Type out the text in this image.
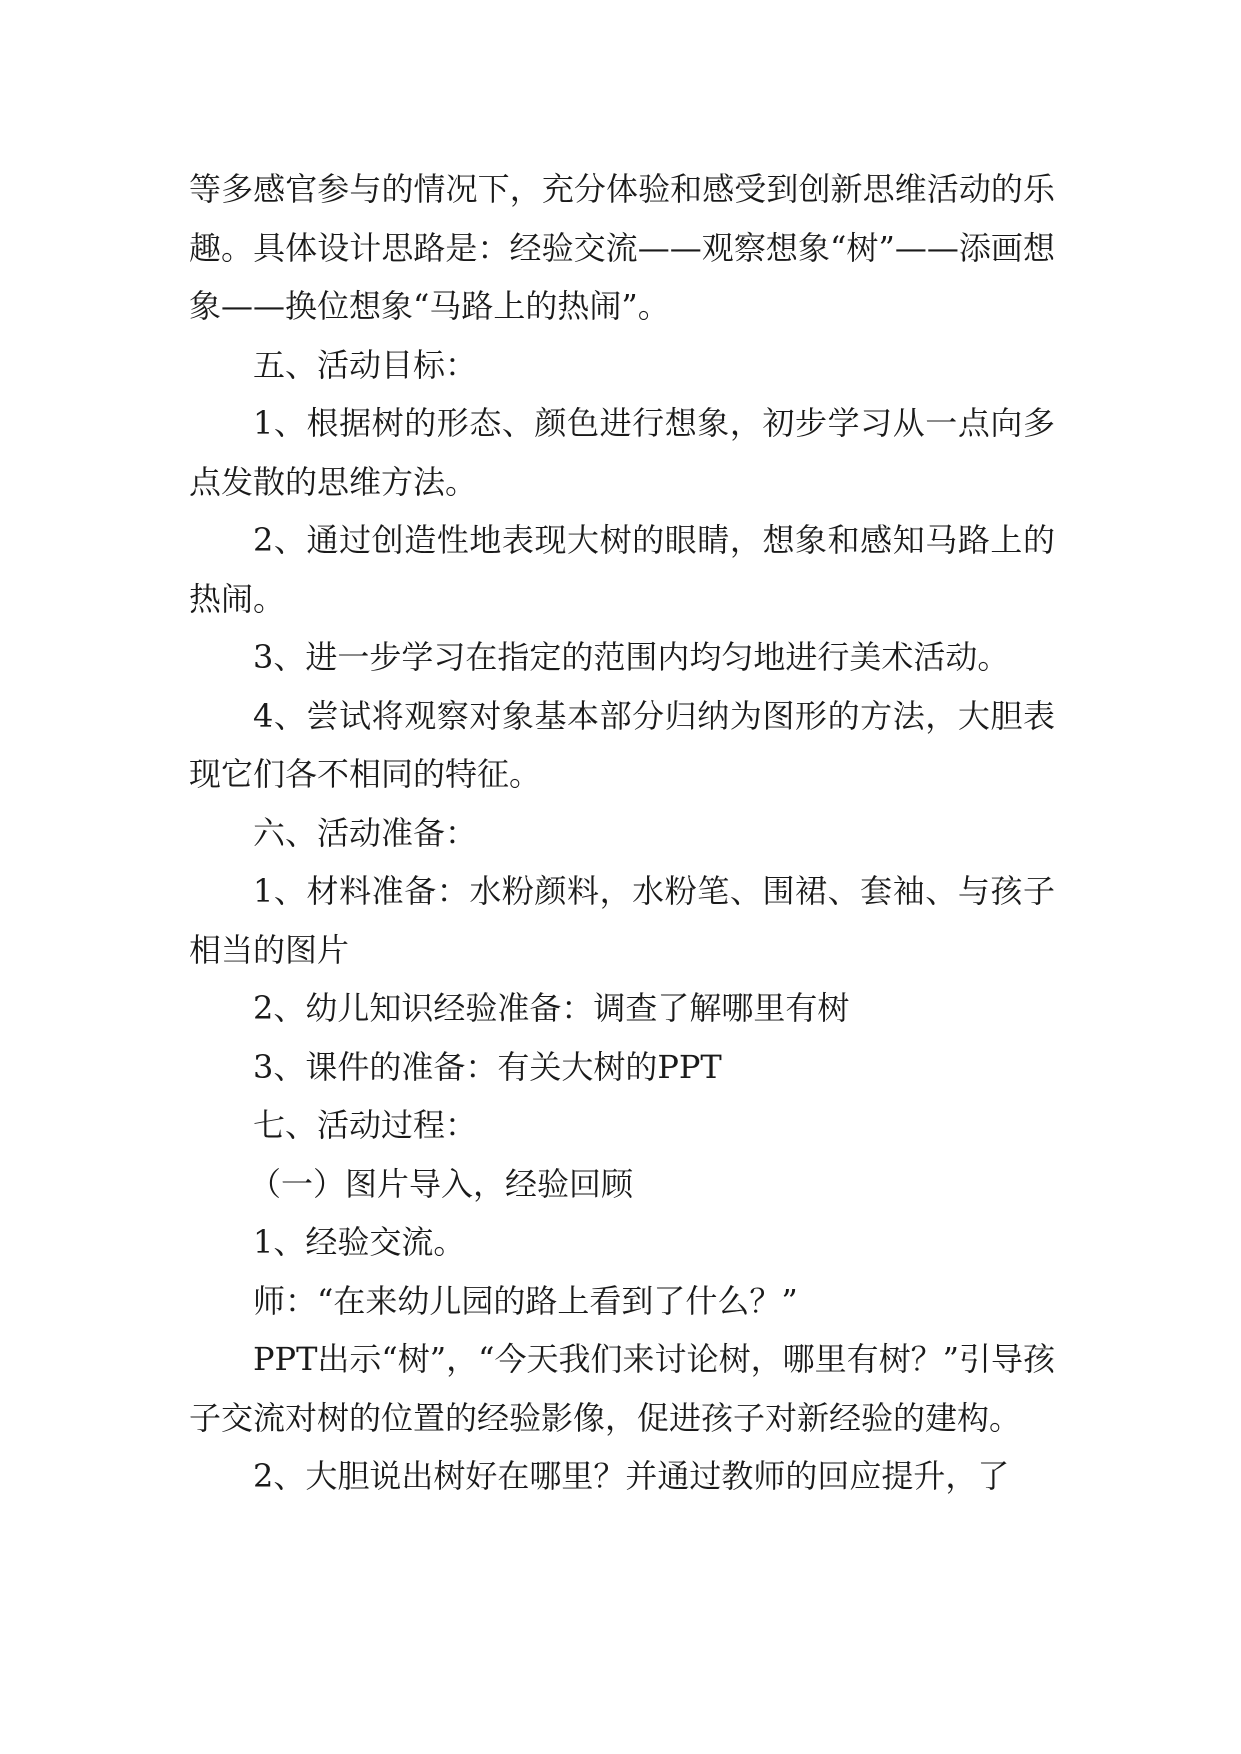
等多感官参与的情况下，充分体验和感受到创新思维活动的乐趣。具体设计思路是：经验交流——观察想象“树”——添画想象——换位想象“马路上的热闹”。

五、活动目标：

1、根据树的形态、颜色进行想象，初步学习从一点向多点发散的思维方法。

2、通过创造性地表现大树的眼睛，想象和感知马路上的热闹。

3、进一步学习在指定的范围内均匀地进行美术活动。

4、尝试将观察对象基本部分归纳为图形的方法，大胆表现它们各不相同的特征。

六、活动准备：

1、材料准备：水粉颜料，水粉笔、围裙、套袖、与孩子相当的图片

2、幼儿知识经验准备：调查了解哪里有树

3、课件的准备：有关大树的PPT

七、活动过程：

（一）图片导入，经验回顾

1、经验交流。

师：“在来幼儿园的路上看到了什么？”

PPT出示“树”，“今天我们来讨论树，哪里有树？”引导孩子交流对树的位置的经验影像，促进孩子对新经验的建构。

2、大胆说出树好在哪里？并通过教师的回应提升，了
